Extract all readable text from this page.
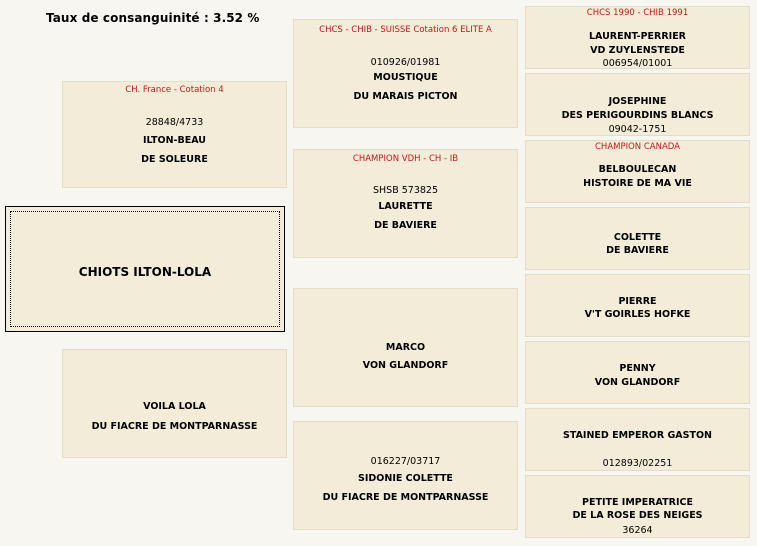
Taux de consanguinité : 3.52 %
CHIOTS ILTON-LOLA
CH. France - Cotation 4
28848/4733
ILTON-BEAU
DE SOLEURE
VOILA LOLA
DU FIACRE DE MONTPARNASSE
CHCS - CHIB - SUISSE Cotation 6 ELITE A
010926/01981
MOUSTIQUE
DU MARAIS PICTON
CHAMPION VDH - CH - IB
SHSB 573825
LAURETTE
DE BAVIERE
MARCO
VON GLANDORF
016227/03717
SIDONIE COLETTE
DU FIACRE DE MONTPARNASSE
CHCS 1990 - CHIB 1991
LAURENT-PERRIER
VD ZUYLENSTEDE
006954/01001
JOSEPHINE
DES PERIGOURDINS BLANCS
09042-1751
CHAMPION CANADA
BELBOULECAN
HISTOIRE DE MA VIE
COLETTE
DE BAVIERE
PIERRE
V'T GOIRLES HOFKE
PENNY
VON GLANDORF
STAINED EMPEROR GASTON
012893/02251
PETITE IMPERATRICE
DE LA ROSE DES NEIGES
36264
